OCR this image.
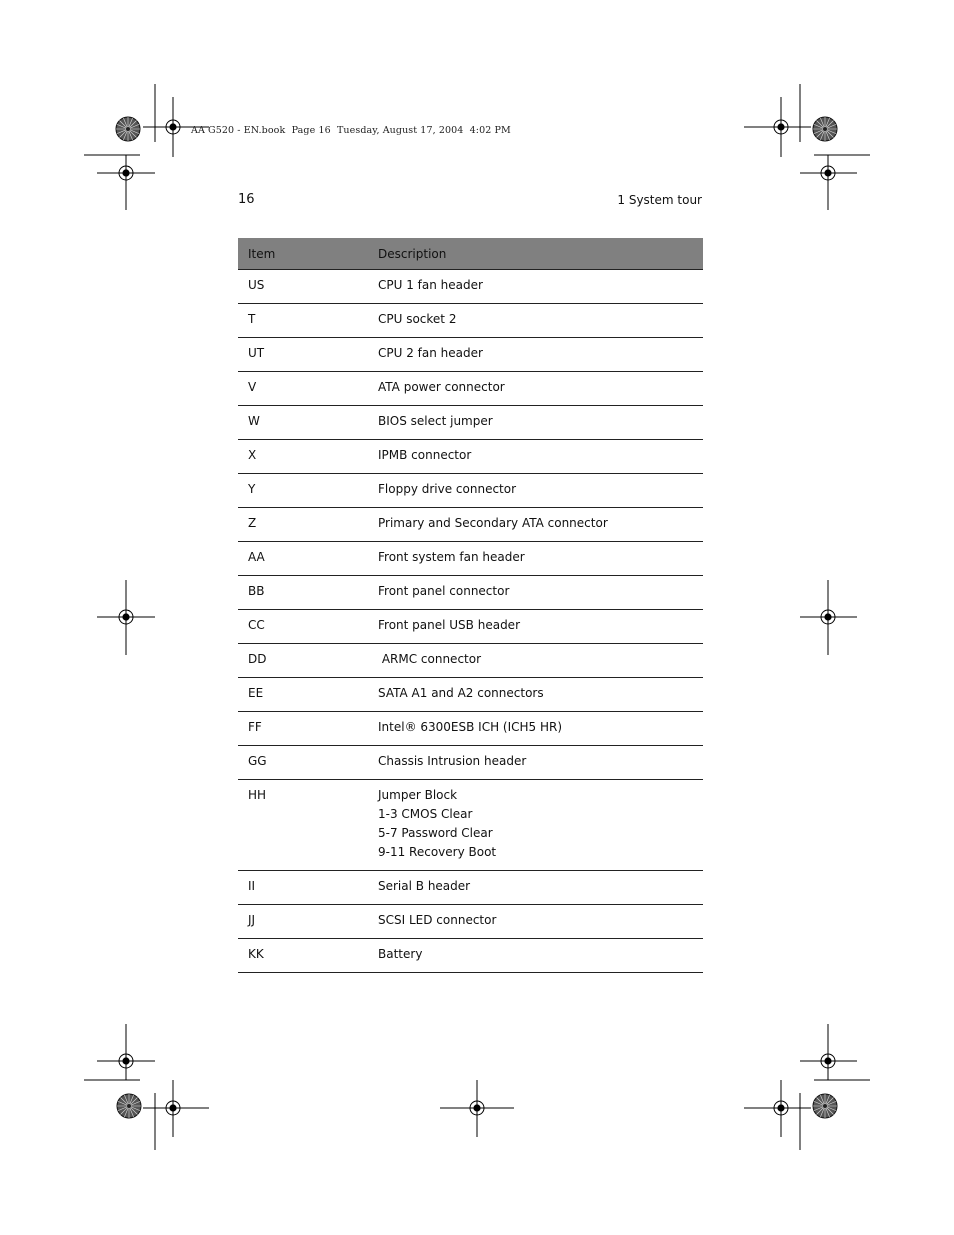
AA G520 - EN.book  Page 16  Tuesday, August 17, 2004  4:02 PM
16	1 System tour
Item	Description
US	CPU 1 fan header

T	CPU socket 2

UT	CPU 2 fan header

V	ATA power connector

W	BIOS select jumper

X	IPMB connector

Y	Floppy drive connector

Z	Primary and Secondary ATA connector

AA	Front system fan header

BB	Front panel connector

CC	Front panel USB header

DD	ARMC connector

EE	SATA A1 and A2 connectors

FF	Intel® 6300ESB ICH (ICH5 HR)

GG	Chassis Intrusion header

HH	Jumper Block
1-3 CMOS Clear
5-7 Password Clear
9-11 Recovery Boot

II	Serial B header

JJ	SCSI LED connector

KK	Battery
